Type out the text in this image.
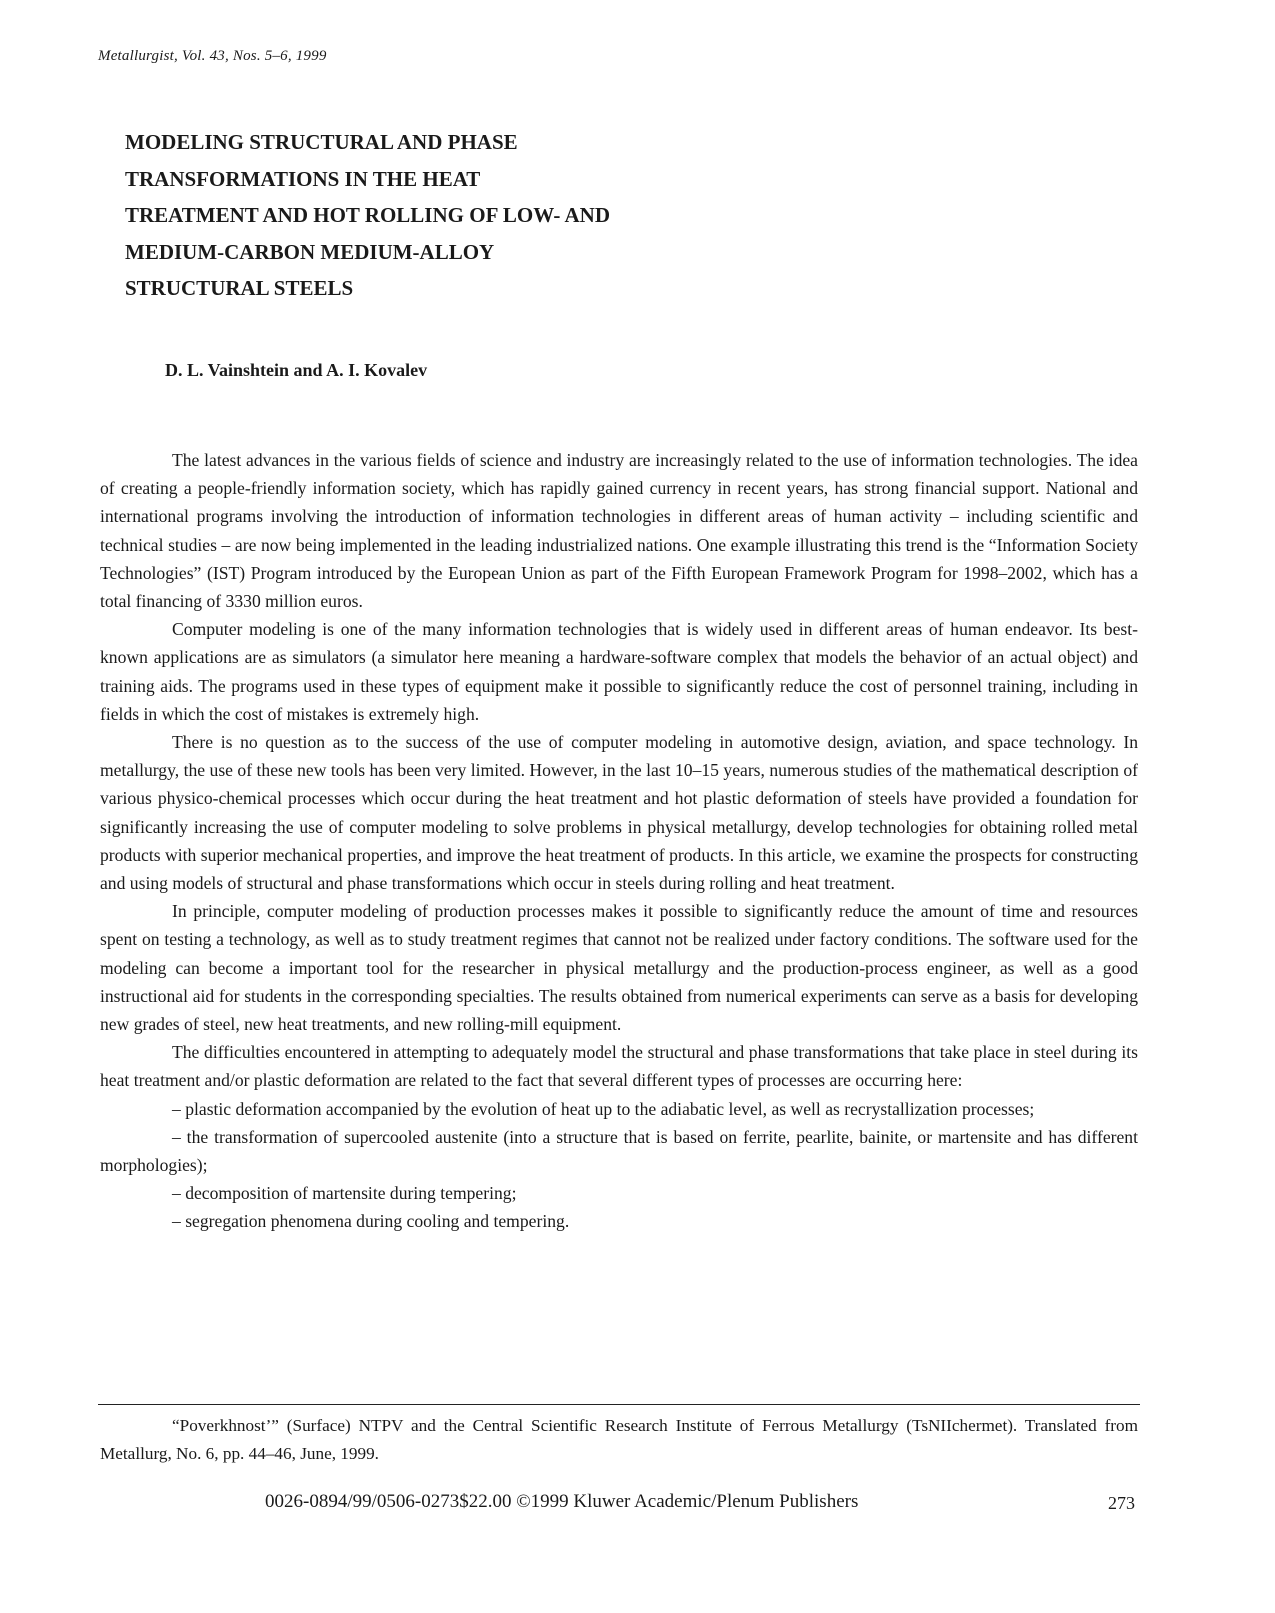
Metallurgist, Vol. 43, Nos. 5–6, 1999
MODELING STRUCTURAL AND PHASE
TRANSFORMATIONS IN THE HEAT
TREATMENT AND HOT ROLLING OF LOW- AND
MEDIUM-CARBON MEDIUM-ALLOY
STRUCTURAL STEELS
D. L. Vainshtein and A. I. Kovalev

The latest advances in the various fields of science and industry are increasingly related to the use of information technologies. The idea of creating a people-friendly information society, which has rapidly gained currency in recent years, has strong financial support. National and international programs involving the introduction of information technologies in different areas of human activity – including scientific and technical studies – are now being implemented in the leading industrialized nations. One example illustrating this trend is the “Information Society Technologies” (IST) Program introduced by the European Union as part of the Fifth European Framework Program for 1998–2002, which has a total financing of 3330 million euros.

Computer modeling is one of the many information technologies that is widely used in different areas of human endeavor. Its best-known applications are as simulators (a simulator here meaning a hardware-software complex that models the behavior of an actual object) and training aids. The programs used in these types of equipment make it possible to significantly reduce the cost of personnel training, including in fields in which the cost of mistakes is extremely high.

There is no question as to the success of the use of computer modeling in automotive design, aviation, and space technology. In metallurgy, the use of these new tools has been very limited. However, in the last 10–15 years, numerous studies of the mathematical description of various physico-chemical processes which occur during the heat treatment and hot plastic deformation of steels have provided a foundation for significantly increasing the use of computer modeling to solve problems in physical metallurgy, develop technologies for obtaining rolled metal products with superior mechanical properties, and improve the heat treatment of products. In this article, we examine the prospects for constructing and using models of structural and phase transformations which occur in steels during rolling and heat treatment.

In principle, computer modeling of production processes makes it possible to significantly reduce the amount of time and resources spent on testing a technology, as well as to study treatment regimes that cannot not be realized under factory conditions. The software used for the modeling can become a important tool for the researcher in physical metallurgy and the production-process engineer, as well as a good instructional aid for students in the corresponding specialties. The results obtained from numerical experiments can serve as a basis for developing new grades of steel, new heat treatments, and new rolling-mill equipment.

The difficulties encountered in attempting to adequately model the structural and phase transformations that take place in steel during its heat treatment and/or plastic deformation are related to the fact that several different types of processes are occurring here:

– plastic deformation accompanied by the evolution of heat up to the adiabatic level, as well as recrystallization processes;

– the transformation of supercooled austenite (into a structure that is based on ferrite, pearlite, bainite, or martensite and has different morphologies);

– decomposition of martensite during tempering;

– segregation phenomena during cooling and tempering.

“Poverkhnost’” (Surface) NTPV and the Central Scientific Research Institute of Ferrous Metallurgy (TsNIIchermet). Translated from Metallurg, No. 6, pp. 44–46, June, 1999.

0026-0894/99/0506-0273$22.00 ©1999 Kluwer Academic/Plenum Publishers	273
